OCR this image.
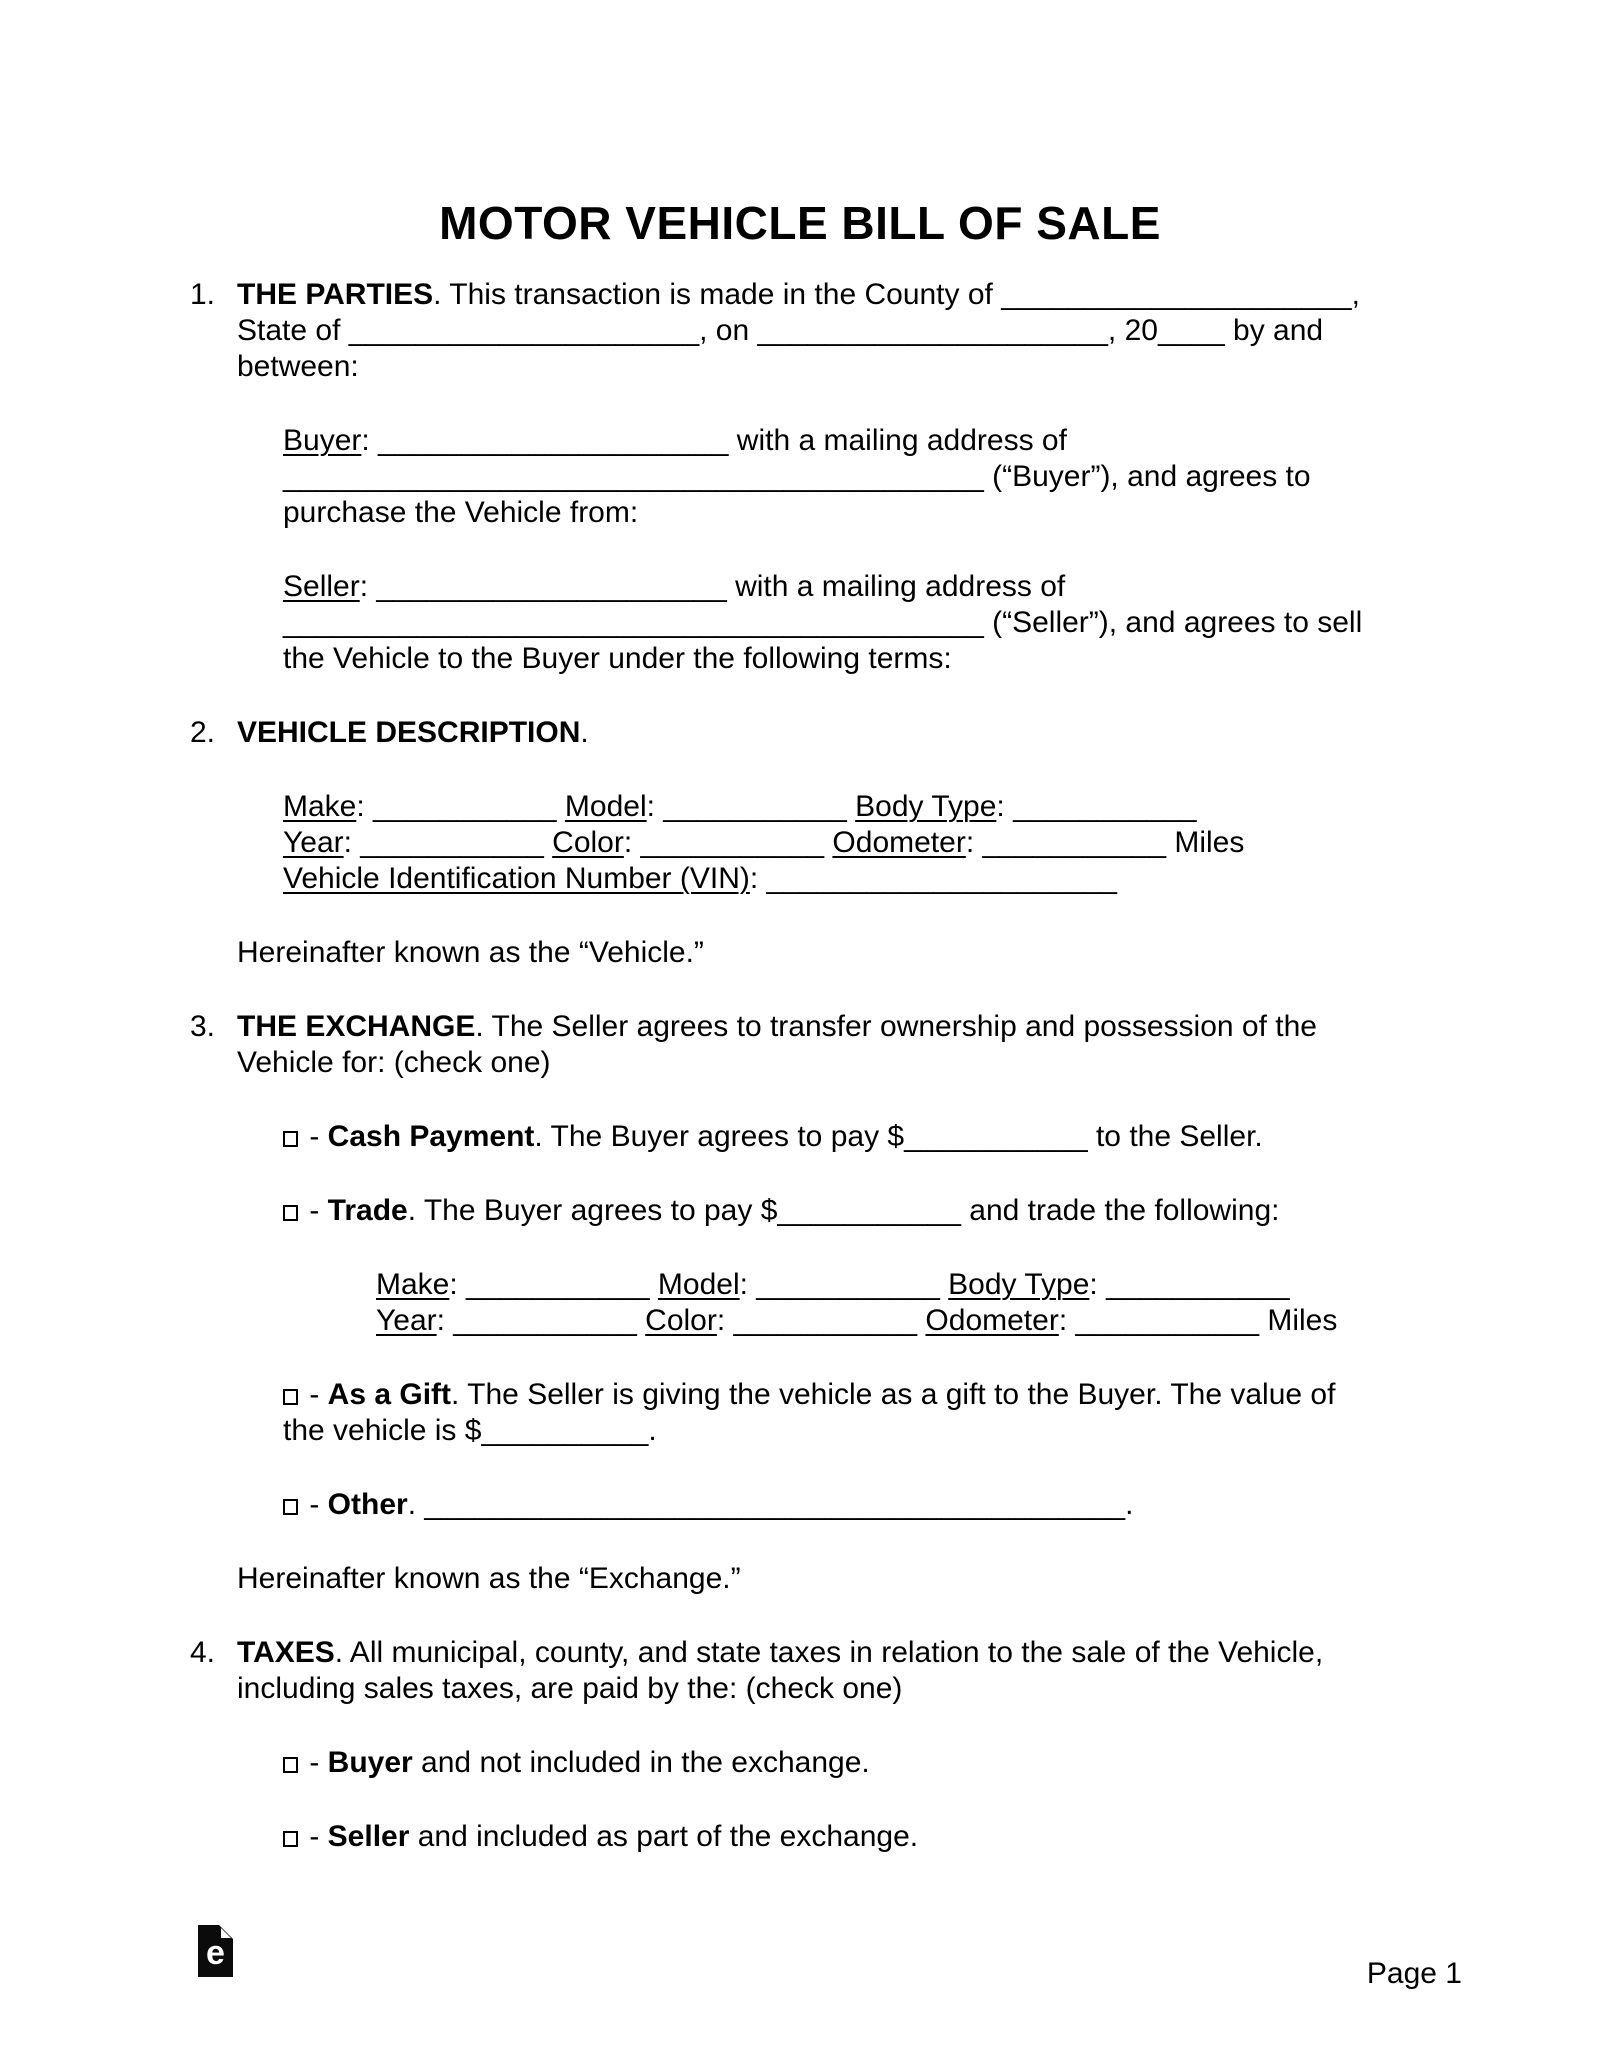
MOTOR VEHICLE BILL OF SALE
1. THE PARTIES. This transaction is made in the County of _____________________,
State of _____________________, on _____________________, 20____ by and
between:
Buyer: _____________________ with a mailing address of
__________________________________________ (“Buyer”), and agrees to
purchase the Vehicle from:
Seller: _____________________ with a mailing address of
__________________________________________ (“Seller”), and agrees to sell
the Vehicle to the Buyer under the following terms:
2. VEHICLE DESCRIPTION.
Make: ___________ Model: ___________ Body Type: ___________
Year: ___________ Color: ___________ Odometer: ___________ Miles
Vehicle Identification Number (VIN): _____________________
Hereinafter known as the “Vehicle.”
3. THE EXCHANGE. The Seller agrees to transfer ownership and possession of the
Vehicle for: (check one)
- Cash Payment. The Buyer agrees to pay $___________ to the Seller.
- Trade. The Buyer agrees to pay $___________ and trade the following:
Make: ___________ Model: ___________ Body Type: ___________
Year: ___________ Color: ___________ Odometer: ___________ Miles
- As a Gift. The Seller is giving the vehicle as a gift to the Buyer. The value of
the vehicle is $__________.
- Other. __________________________________________.
Hereinafter known as the “Exchange.”
4. TAXES. All municipal, county, and state taxes in relation to the sale of the Vehicle,
including sales taxes, are paid by the: (check one)
- Buyer and not included in the exchange.
- Seller and included as part of the exchange.
e
Page 1
